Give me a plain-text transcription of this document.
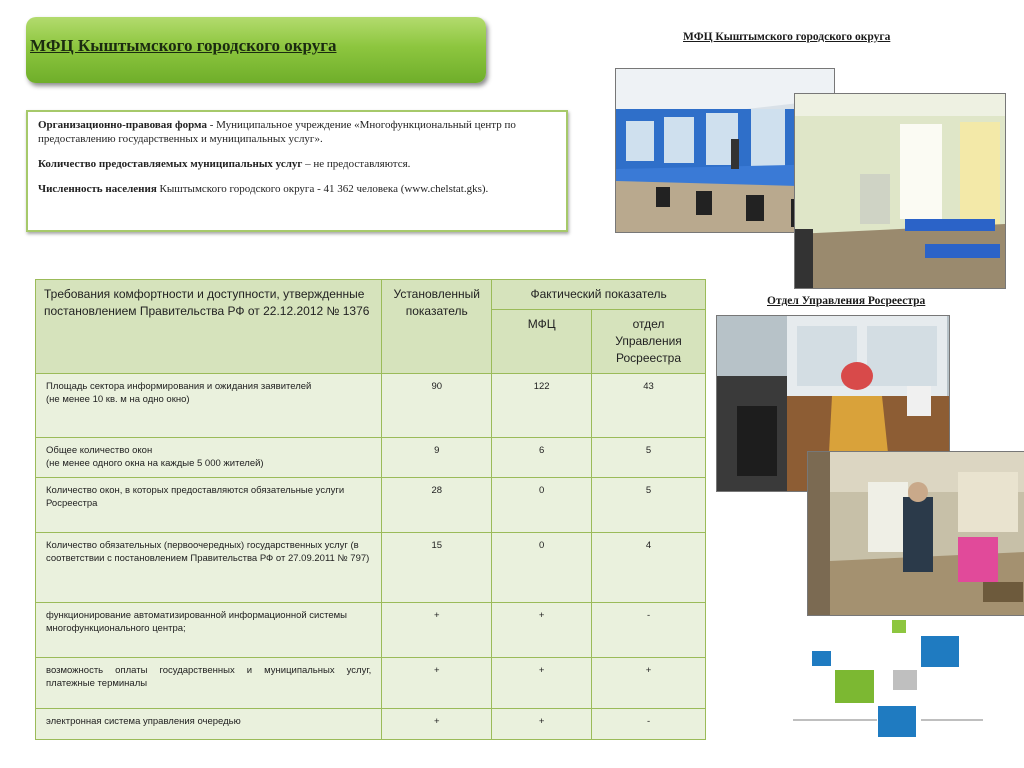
МФЦ Кыштымского городского округа

Организационно-правовая форма - Муниципальное учреждение «Многофункциональный центр по предоставлению государственных и муниципальных услуг».

Количество предоставляемых муниципальных услуг – не предоставляются.

Численность населения Кыштымского городского округа - 41 362 человека (www.chelstat.gks).

МФЦ Кыштымского городского округа
Отдел Управления Росреестра
Требования комфортности и доступности, утвержденные постановлением Правительства РФ от 22.12.2012 № 1376	Установленный показатель	Фактический показатель	
		МФЦ	отдел Управления Росреестра
Площадь сектора информирования и ожидания заявителей
(не менее 10 кв. м на одно окно)	90	122	43
Общее количество окон
(не менее одного окна на каждые 5 000 жителей)	9	6	5
Количество окон, в которых предоставляются обязательные услуги Росреестра	28	0	5
Количество обязательных (первоочередных) государственных услуг (в соответствии с постановлением Правительства РФ от 27.09.2011 № 797)	15	0	4
функционирование автоматизированной информационной системы многофункционального центра;	+	+	-
возможность оплаты государственных и муниципальных услуг, платежные терминалы	+	+	+
электронная система управления очередью	+	+	-
